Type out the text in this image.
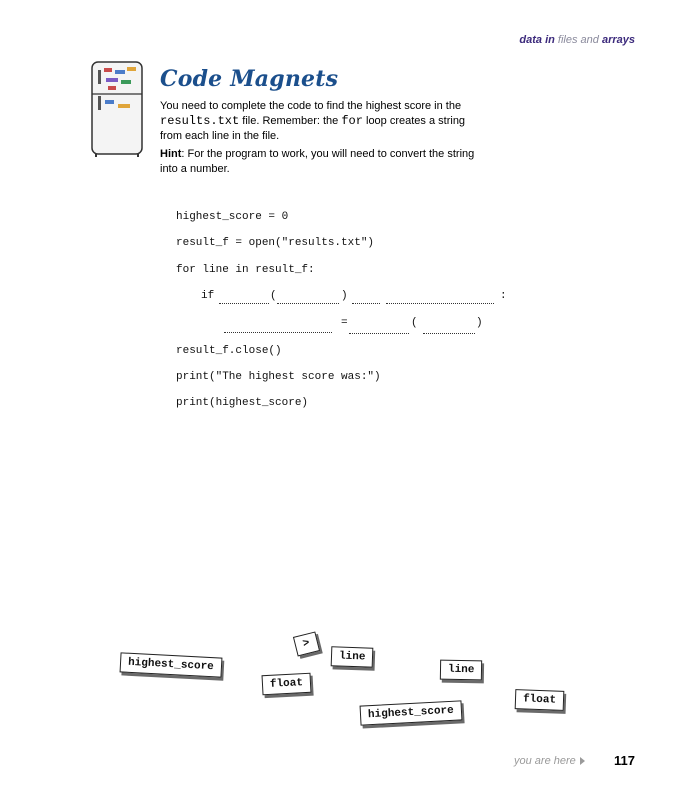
data in files and arrays
Code Magnets
You need to complete the code to find the highest score in the results.txt file. Remember: the for loop creates a string from each line in the file.
Hint: For the program to work, you will need to convert the string into a number.
highest_score = 0
result_f = open("results.txt")
for line in result_f:
if	(	)	:
=	(	)
result_f.close()
print("The highest score was:")
print(highest_score)
>
line
highest_score
float
line
float
highest_score
you are here	117
